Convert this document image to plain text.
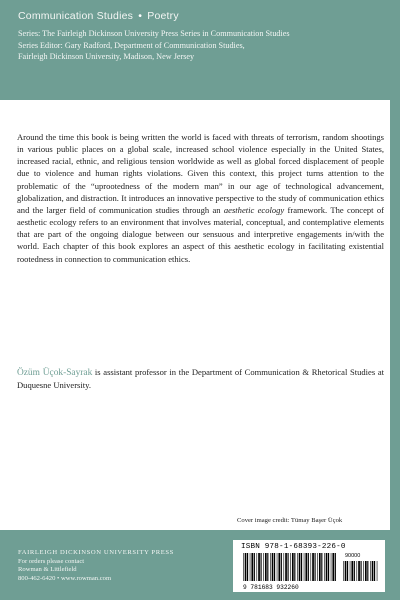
Communication Studies • Poetry
Series: The Fairleigh Dickinson University Press Series in Communication Studies
Series Editor: Gary Radford, Department of Communication Studies,
Fairleigh Dickinson University, Madison, New Jersey

Around the time this book is being written the world is faced with threats of terrorism, random shootings in various public places on a global scale, increased school violence especially in the United States, increased racial, ethnic, and religious tension worldwide as well as global forced displacement of people due to violence and human rights violations. Given this context, this project turns attention to the problematic of the “uprootedness of the modern man” in our age of technological advancement, globalization, and distraction. It introduces an innovative perspective to the study of communication ethics and the larger field of communication studies through an aesthetic ecology framework. The concept of aesthetic ecology refers to an environment that involves material, conceptual, and contemplative elements that are part of the ongoing dialogue between our sensuous and interpretive engagements in/with the world. Each chapter of this book explores an aspect of this aesthetic ecology in facilitating existential rootedness in connection to communication ethics.

Özüm Üçok-Sayrak is assistant professor in the Department of Communication & Rhetorical Studies at Duquesne University.

Cover image credit: Tümay Başer Üçok
FAIRLEIGH DICKINSON UNIVERSITY PRESS
For orders please contact
Rowman & Littlefield
800-462-6420 • www.rowman.com
ISBN 978-1-68393-226-0
9 781683 932260
90000
